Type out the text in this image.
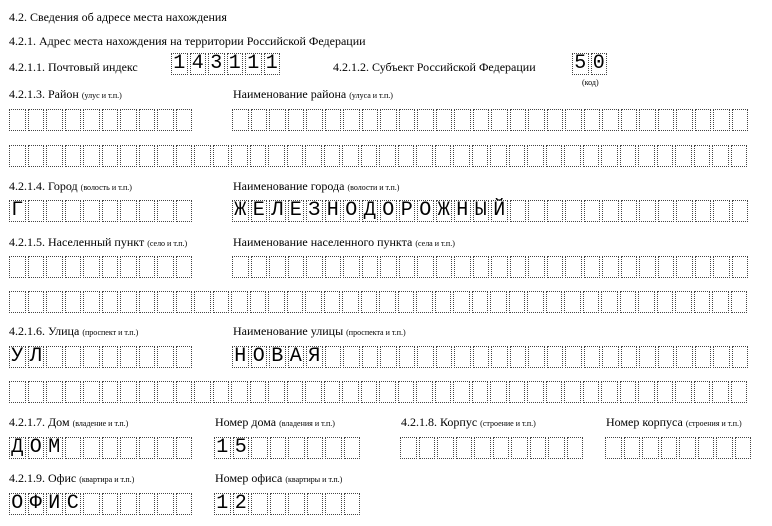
4.2. Сведения об адресе места нахождения
4.2.1. Адрес места нахождения на территории Российской Федерации
4.2.1.1. Почтовый индекс 1 4 3 1 1 1	4.2.1.2. Субъект Российской Федерации 5 0
(код)
4.2.1.3. Район (улус и т.п.)	Наименование района (улуса и т.п.)
4.2.1.4. Город (волость и т.п.)	Наименование города (волости и т.п.)
Г	Ж Е Л Е З Н О Д О Р О Ж Н Ы Й
4.2.1.5. Населенный пункт (село и т.п.)	Наименование населенного пункта (села и т.п.)
4.2.1.6. Улица (проспект и т.п.)	Наименование улицы (проспекта и т.п.)
У Л	Н О В А Я
4.2.1.7. Дом (владение и т.п.)	Номер дома (владения и т.п.)	4.2.1.8. Корпус (строение и т.п.)	Номер корпуса (строения и т.п.)
Д О М	1 5
4.2.1.9. Офис (квартира и т.п.)	Номер офиса (квартиры и т.п.)
О Ф И С	1 2
